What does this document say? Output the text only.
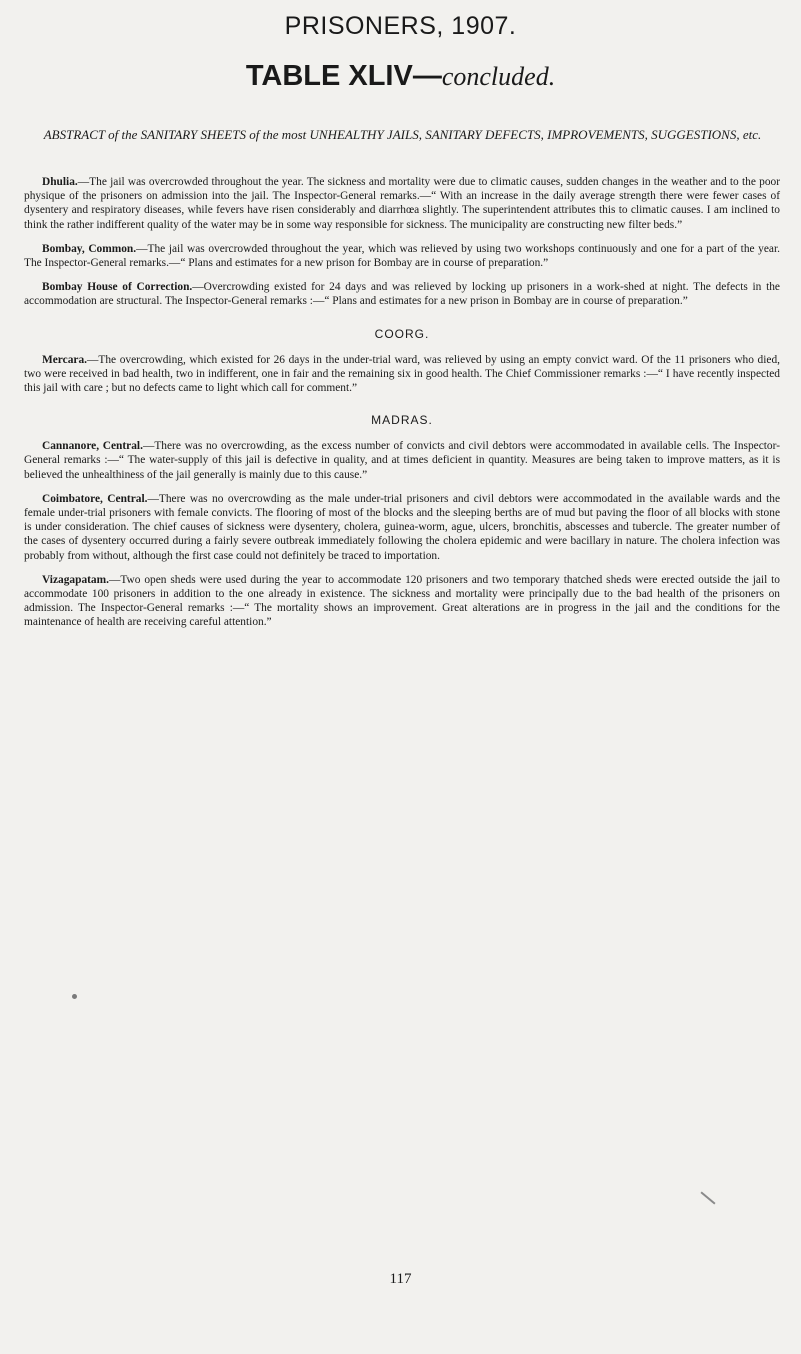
PRISONERS, 1907.
TABLE XLIV—concluded.
ABSTRACT of the SANITARY SHEETS of the most UNHEALTHY JAILS, SANITARY DEFECTS, IMPROVEMENTS, SUGGESTIONS, etc.

Dhulia.—The jail was overcrowded throughout the year. The sickness and mortality were due to climatic causes, sudden changes in the weather and to the poor physique of the prisoners on admission into the jail. The Inspector-General remarks.—“ With an increase in the daily average strength there were fewer cases of dysentery and respiratory diseases, while fevers have risen considerably and diarrhœa slightly. The superintendent attributes this to climatic causes. I am inclined to think the rather indifferent quality of the water may be in some way responsible for sickness. The municipality are constructing new filter beds.”

Bombay, Common.—The jail was overcrowded throughout the year, which was relieved by using two workshops continuously and one for a part of the year. The Inspector-General remarks.—“ Plans and estimates for a new prison for Bombay are in course of preparation.”

Bombay House of Correction.—Overcrowding existed for 24 days and was relieved by locking up prisoners in a work-shed at night. The defects in the accommodation are structural. The Inspector-General remarks :—“ Plans and estimates for a new prison in Bombay are in course of preparation.”

COORG.

Mercara.—The overcrowding, which existed for 26 days in the under-trial ward, was relieved by using an empty convict ward. Of the 11 prisoners who died, two were received in bad health, two in indifferent, one in fair and the remaining six in good health. The Chief Commissioner remarks :—“ I have recently inspected this jail with care ; but no defects came to light which call for comment.”

MADRAS.

Cannanore, Central.—There was no overcrowding, as the excess number of convicts and civil debtors were accommodated in available cells. The Inspector-General remarks :—“ The water-supply of this jail is defective in quality, and at times deficient in quantity. Measures are being taken to improve matters, as it is believed the unhealthiness of the jail generally is mainly due to this cause.”

Coimbatore, Central.—There was no overcrowding as the male under-trial prisoners and civil debtors were accommodated in the available wards and the female under-trial prisoners with female convicts. The flooring of most of the blocks and the sleeping berths are of mud but paving the floor of all blocks with stone is under consideration. The chief causes of sickness were dysentery, cholera, guinea-worm, ague, ulcers, bronchitis, abscesses and tubercle. The greater number of the cases of dysentery occurred during a fairly severe outbreak immediately following the cholera epidemic and were bacillary in nature. The cholera infection was probably from without, although the first case could not definitely be traced to importation.

Vizagapatam.—Two open sheds were used during the year to accommodate 120 prisoners and two temporary thatched sheds were erected outside the jail to accommodate 100 prisoners in addition to the one already in existence. The sickness and mortality were principally due to the bad health of the prisoners on admission. The Inspector-General remarks :—“ The mortality shows an improvement. Great alterations are in progress in the jail and the conditions for the maintenance of health are receiving careful attention.”

117
